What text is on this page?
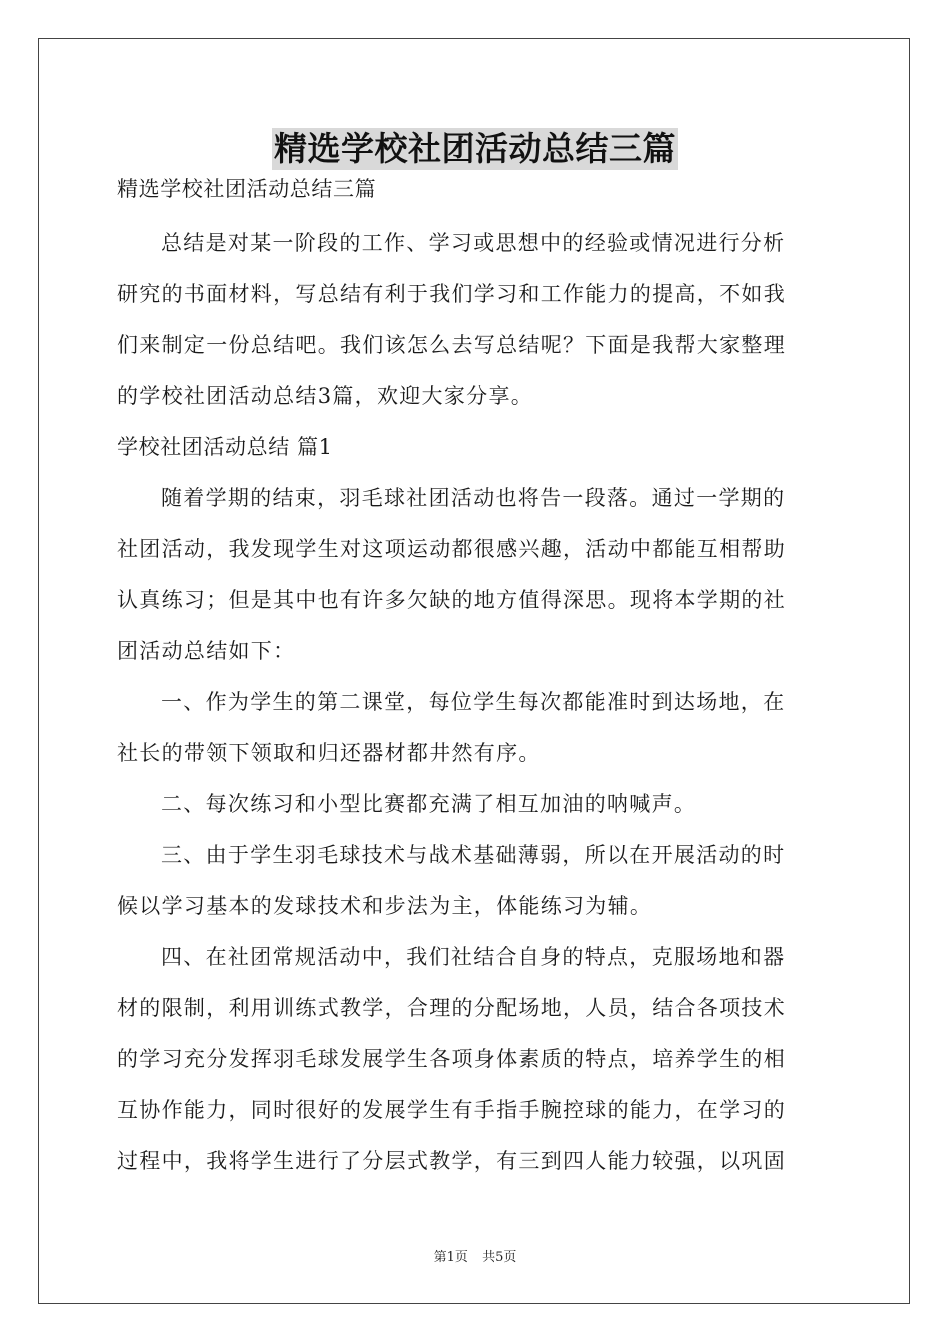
精选学校社团活动总结三篇
精选学校社团活动总结三篇
总结是对某一阶段的工作、学习或思想中的经验或情况进行分析
研究的书面材料，写总结有利于我们学习和工作能力的提高，不如我
们来制定一份总结吧。我们该怎么去写总结呢？下面是我帮大家整理
的学校社团活动总结3篇，欢迎大家分享。
学校社团活动总结 篇1
随着学期的结束，羽毛球社团活动也将告一段落。通过一学期的
社团活动，我发现学生对这项运动都很感兴趣，活动中都能互相帮助
认真练习；但是其中也有许多欠缺的地方值得深思。现将本学期的社
团活动总结如下：
一、作为学生的第二课堂，每位学生每次都能准时到达场地，在
社长的带领下领取和归还器材都井然有序。
二、每次练习和小型比赛都充满了相互加油的呐喊声。
三、由于学生羽毛球技术与战术基础薄弱，所以在开展活动的时
候以学习基本的发球技术和步法为主，体能练习为辅。
四、在社团常规活动中，我们社结合自身的特点，克服场地和器
材的限制，利用训练式教学，合理的分配场地，人员，结合各项技术
的学习充分发挥羽毛球发展学生各项身体素质的特点，培养学生的相
互协作能力，同时很好的发展学生有手指手腕控球的能力，在学习的
过程中，我将学生进行了分层式教学，有三到四人能力较强，以巩固
第1页 共5页
